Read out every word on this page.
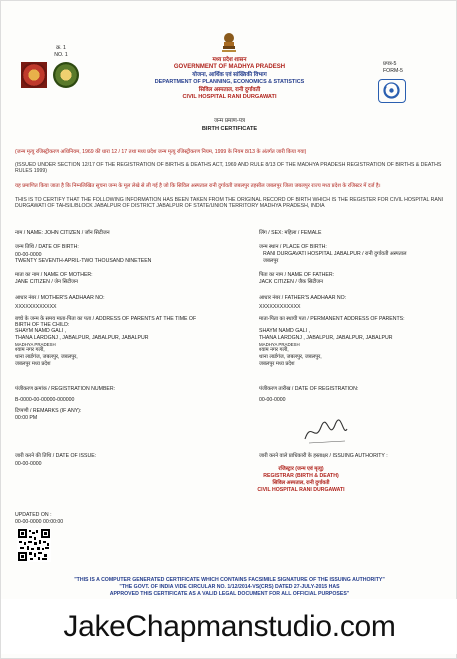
क्र. 1
NO. 1
मध्य प्रदेश शासन
GOVERNMENT OF MADHYA PRADESH
योजना, आर्थिक एवं सांख्यिकी विभाग
DEPARTMENT OF PLANNING, ECONOMICS & STATISTICS
सिविल अस्पताल, रानी दुर्गावती
CIVIL HOSPITAL RANI DURGAWATI
प्रपत्र-5
FORM-5
जन्म प्रमाण-पत्र
BIRTH CERTIFICATE
(जन्म मृत्यु रजिस्ट्रीकरण अधिनियम, 1969 की धारा 12 / 17 तथा मध्य प्रदेश जन्म मृत्यु रजिस्ट्रीकरण नियम, 1999 के नियम 8/13 के अंतर्गत जारी किया गया)
(ISSUED UNDER SECTION 12/17 OF THE REGISTRATION OF BIRTHS & DEATHS ACT, 1969 AND RULE 8/13 OF THE MADHYA PRADESH REGISTRATION OF BIRTHS & DEATHS RULES 1999)
यह प्रमाणित किया जाता है कि निम्नलिखित सूचना जन्म के मूल लेखे से ली गई है जो कि सिविल अस्पताल रानी दुर्गावती जबलपुर तहसील जबलपुर जिला जबलपुर राज्य मध्य प्रदेश के रजिस्टर में दर्ज है।
THIS IS TO CERTIFY THAT THE FOLLOWING INFORMATION HAS BEEN TAKEN FROM THE ORIGINAL RECORD OF BIRTH WHICH IS THE REGISTER FOR CIVIL HOSPITAL RANI DURGAWATI OF TAHSIL/BLOCK JABALPUR OF DISTRICT JABALPUR OF STATE/UNION TERRITORY MADHYA PRADESH, INDIA
नाम / NAME: JOHN CITIZEN / जॉन सिटीजन	लिंग / SEX: महिला / FEMALE
जन्म तिथि / DATE OF BIRTH:
00-00-0000
TWENTY SEVENTH-APRIL-TWO THOUSAND NINETEEN
जन्म स्थान / PLACE OF BIRTH:
RANI DURGAVATI HOSPITAL JABALPUR / रानी दुर्गावती अस्पताल
जबलपुर
माता का नाम / NAME OF MOTHER:
JANE CITIZEN / जेन सिटीजन
पिता का नाम / NAME OF FATHER:
JACK CITIZEN / जैक सिटीजन
आधार नंबर / MOTHER'S AADHAAR NO:
XXXXXXXXXXXX
आधार नंबर / FATHER'S AADHAAR NO:
XXXXXXXXXXXX
बच्चे के जन्म के समय माता-पिता का पता / ADDRESS OF PARENTS AT THE TIME OF
BIRTH OF THE CHILD:
SHAYM NAMD GALI ,
THANA LARDGNJ , JABALPUR, JABALPUR, JABALPUR
MADHYA PRADESH
श्याम नगर गली,
थाना लार्डगंज, जबलपुर, जबलपुर,
जबलपुर मध्य प्रदेश
माता-पिता का स्थायी पता / PERMANENT ADDRESS OF PARENTS:
SHAYM NAMD GALI ,
THANA LARDGNJ , JABALPUR, JABALPUR, JABALPUR
MADHYA PRADESH
श्याम नगर गली,
थाना लार्डगंज, जबलपुर, जबलपुर,
जबलपुर मध्य प्रदेश
पंजीकरण क्रमांक / REGISTRATION NUMBER:
B-0000-00-00000-000000
पंजीकरण तारीख / DATE OF REGISTRATION:
00-00-0000
टिप्पणी / REMARKS (IF ANY):
00:00 PM
जारी करने की तिथि / DATE OF ISSUE:
00-00-0000
जारी करने वाले प्राधिकारी के हस्ताक्षर / ISSUING AUTHORITY :
रजिस्ट्रार (जन्म एवं मृत्यु)
REGISTRAR (BIRTH & DEATH)
सिविल अस्पताल, रानी दुर्गावती
CIVIL HOSPITAL RANI DURGAWATI
UPDATED ON :
00-00-0000 00:00:00
"THIS IS A COMPUTER GENERATED CERTIFICATE WHICH CONTAINS FACSIMILE SIGNATURE OF THE ISSUING AUTHORITY"
"THE GOVT. OF INDIA VIDE CIRCULAR NO. 1/12/2014-VS(CRS) DATED 27-JULY-2015 HAS
APPROVED THIS CERTIFICATE AS A VALID LEGAL DOCUMENT FOR ALL OFFICIAL PURPOSES"
JakeChapmanstudio.com
